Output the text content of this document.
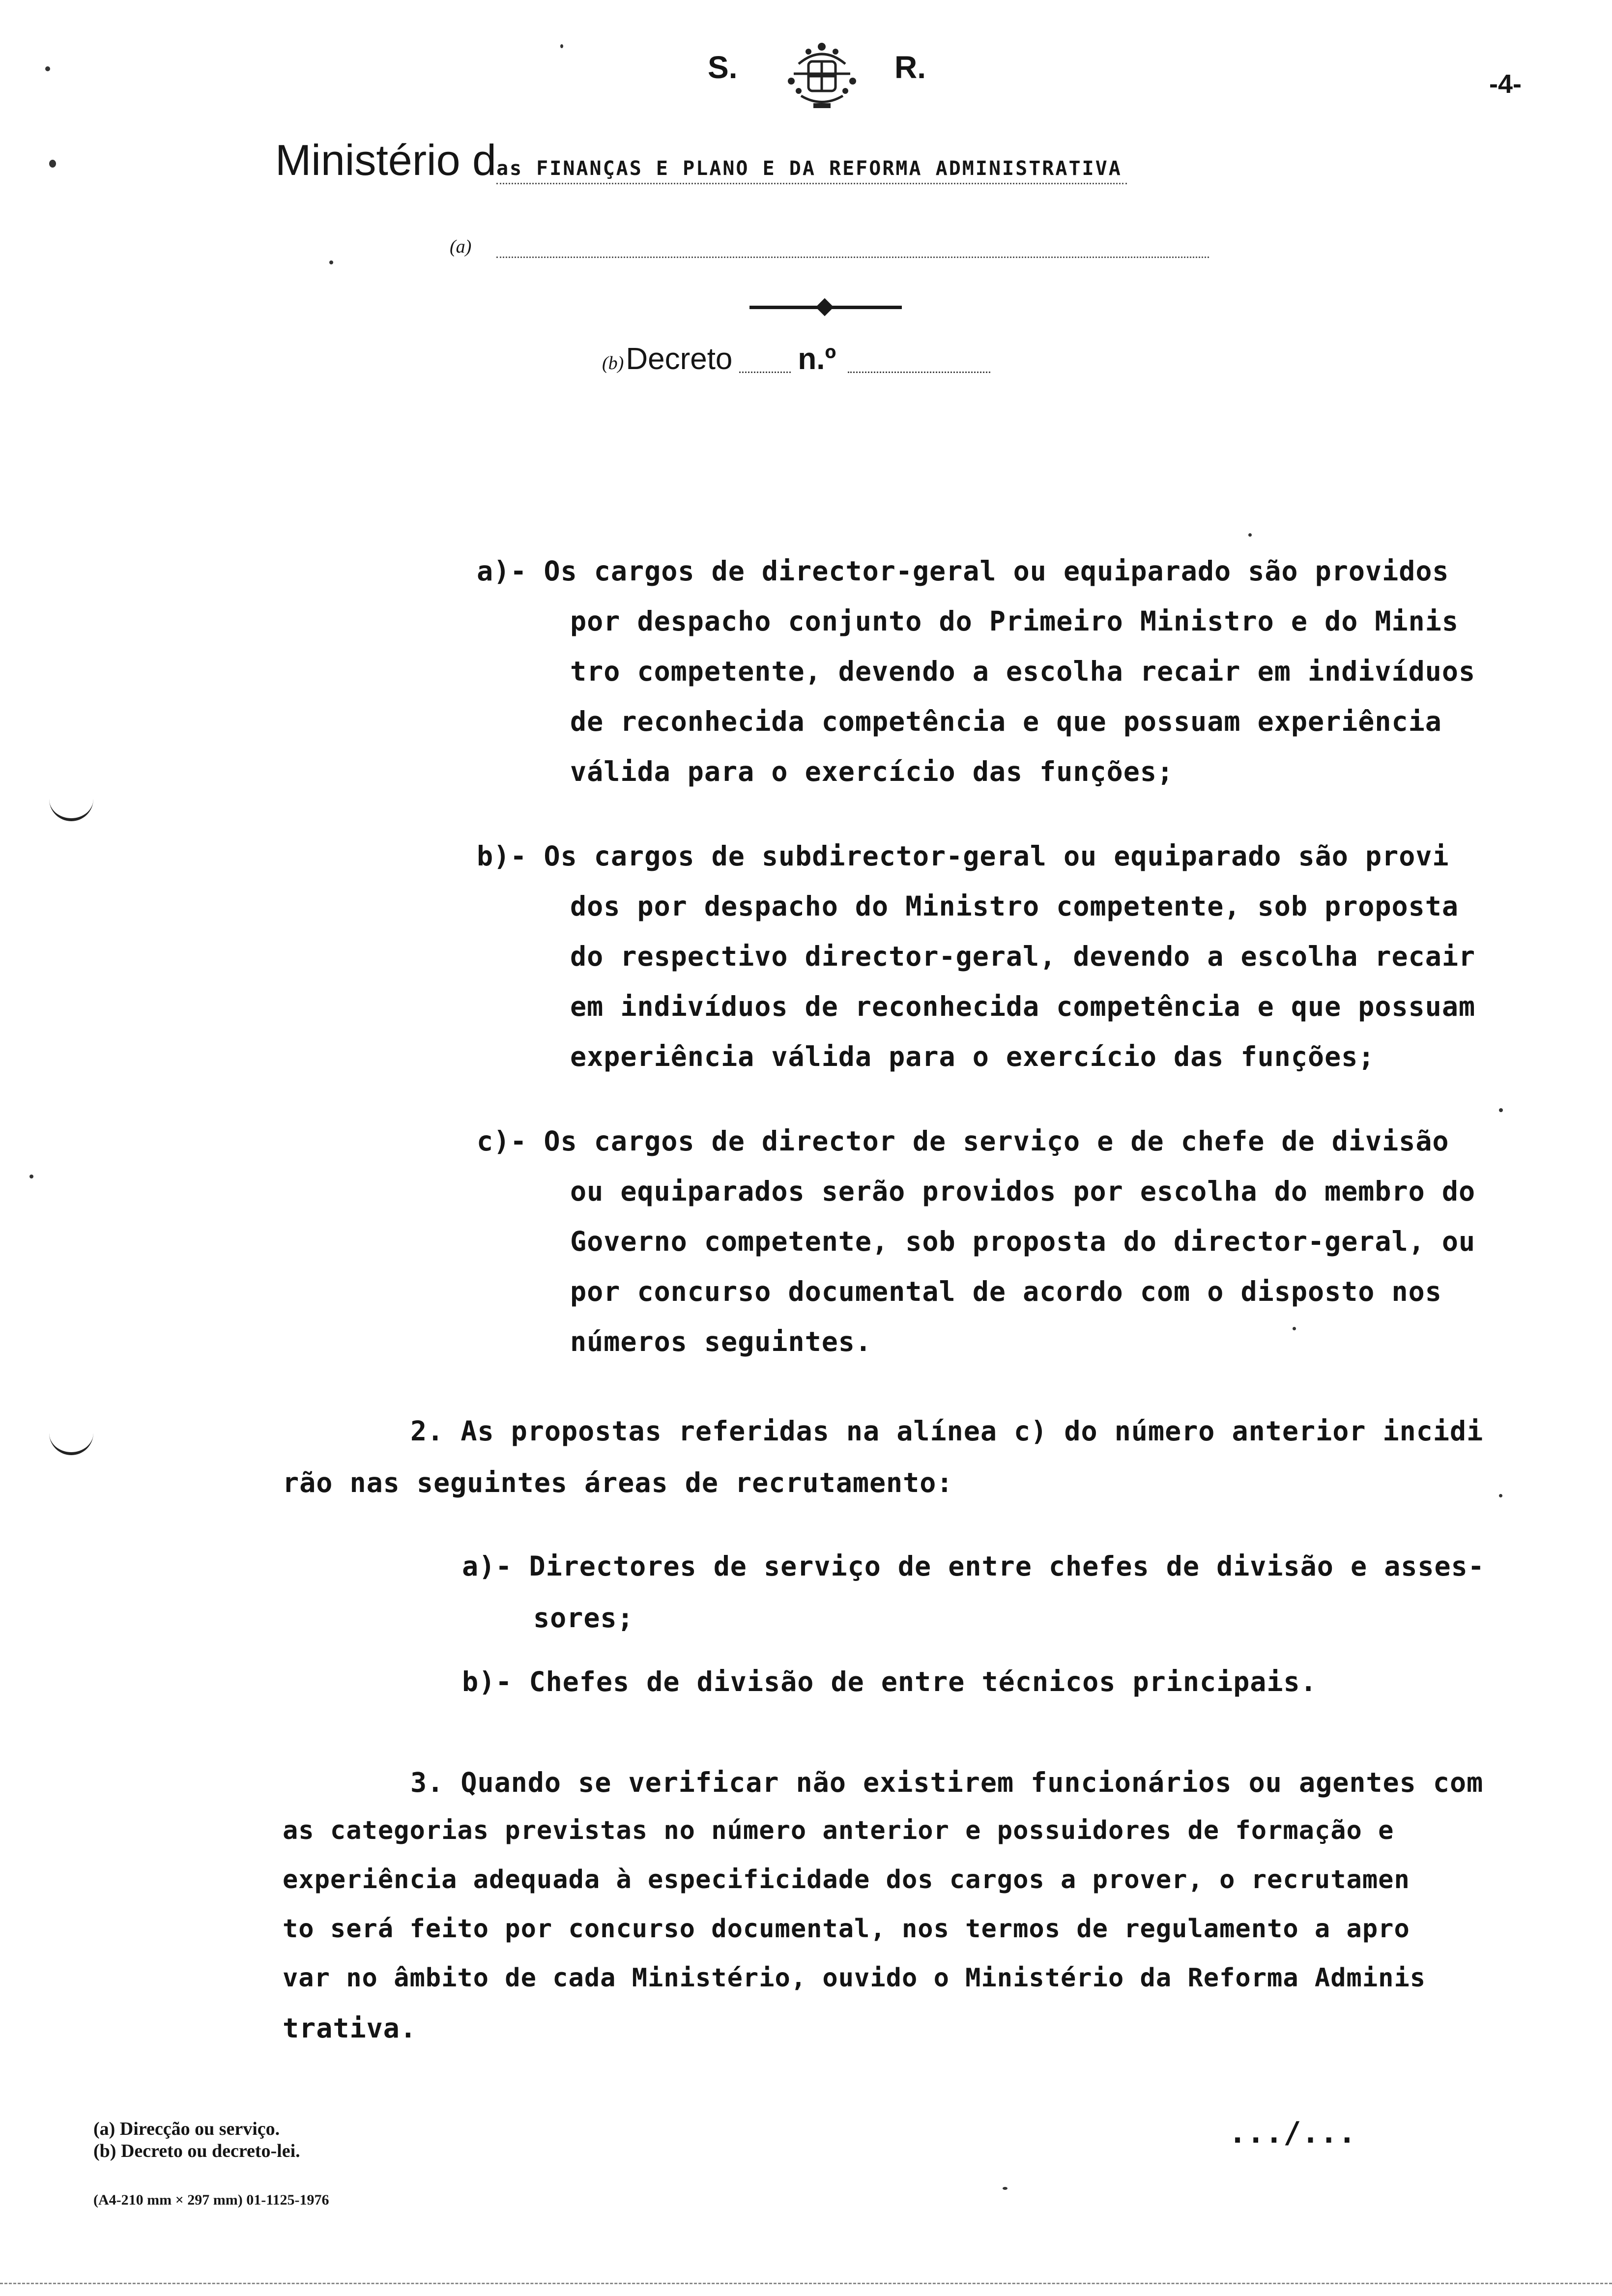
S.	R.	-4-
Ministério das FINANÇAS E PLANO E DA REFORMA ADMINISTRATIVA
(a)
(b) Decreto n.º
a)- Os cargos de director-geral ou equiparado são providos
por despacho conjunto do Primeiro Ministro e do Minis
tro competente, devendo a escolha recair em indivíduos
de reconhecida competência e que possuam experiência
válida para o exercício das funções;
b)- Os cargos de subdirector-geral ou equiparado são provi
dos por despacho do Ministro competente, sob proposta
do respectivo director-geral, devendo a escolha recair
em indivíduos de reconhecida competência e que possuam
experiência válida para o exercício das funções;
c)- Os cargos de director de serviço e de chefe de divisão
ou equiparados serão providos por escolha do membro do
Governo competente, sob proposta do director-geral, ou
por concurso documental de acordo com o disposto nos
números seguintes.
2. As propostas referidas na alínea c) do número anterior incidi
rão nas seguintes áreas de recrutamento:
a)- Directores de serviço de entre chefes de divisão e asses-
sores;
b)- Chefes de divisão de entre técnicos principais.
3. Quando se verificar não existirem funcionários ou agentes com
as categorias previstas no número anterior e possuidores de formação e
experiência adequada à especificidade dos cargos a prover, o recrutamen
to será feito por concurso documental, nos termos de regulamento a apro
var no âmbito de cada Ministério, ouvido o Ministério da Reforma Adminis
trativa.
.../...
(a) Direcção ou serviço.
(b) Decreto ou decreto-lei.
(A4-210 mm × 297 mm) 01-1125-1976
